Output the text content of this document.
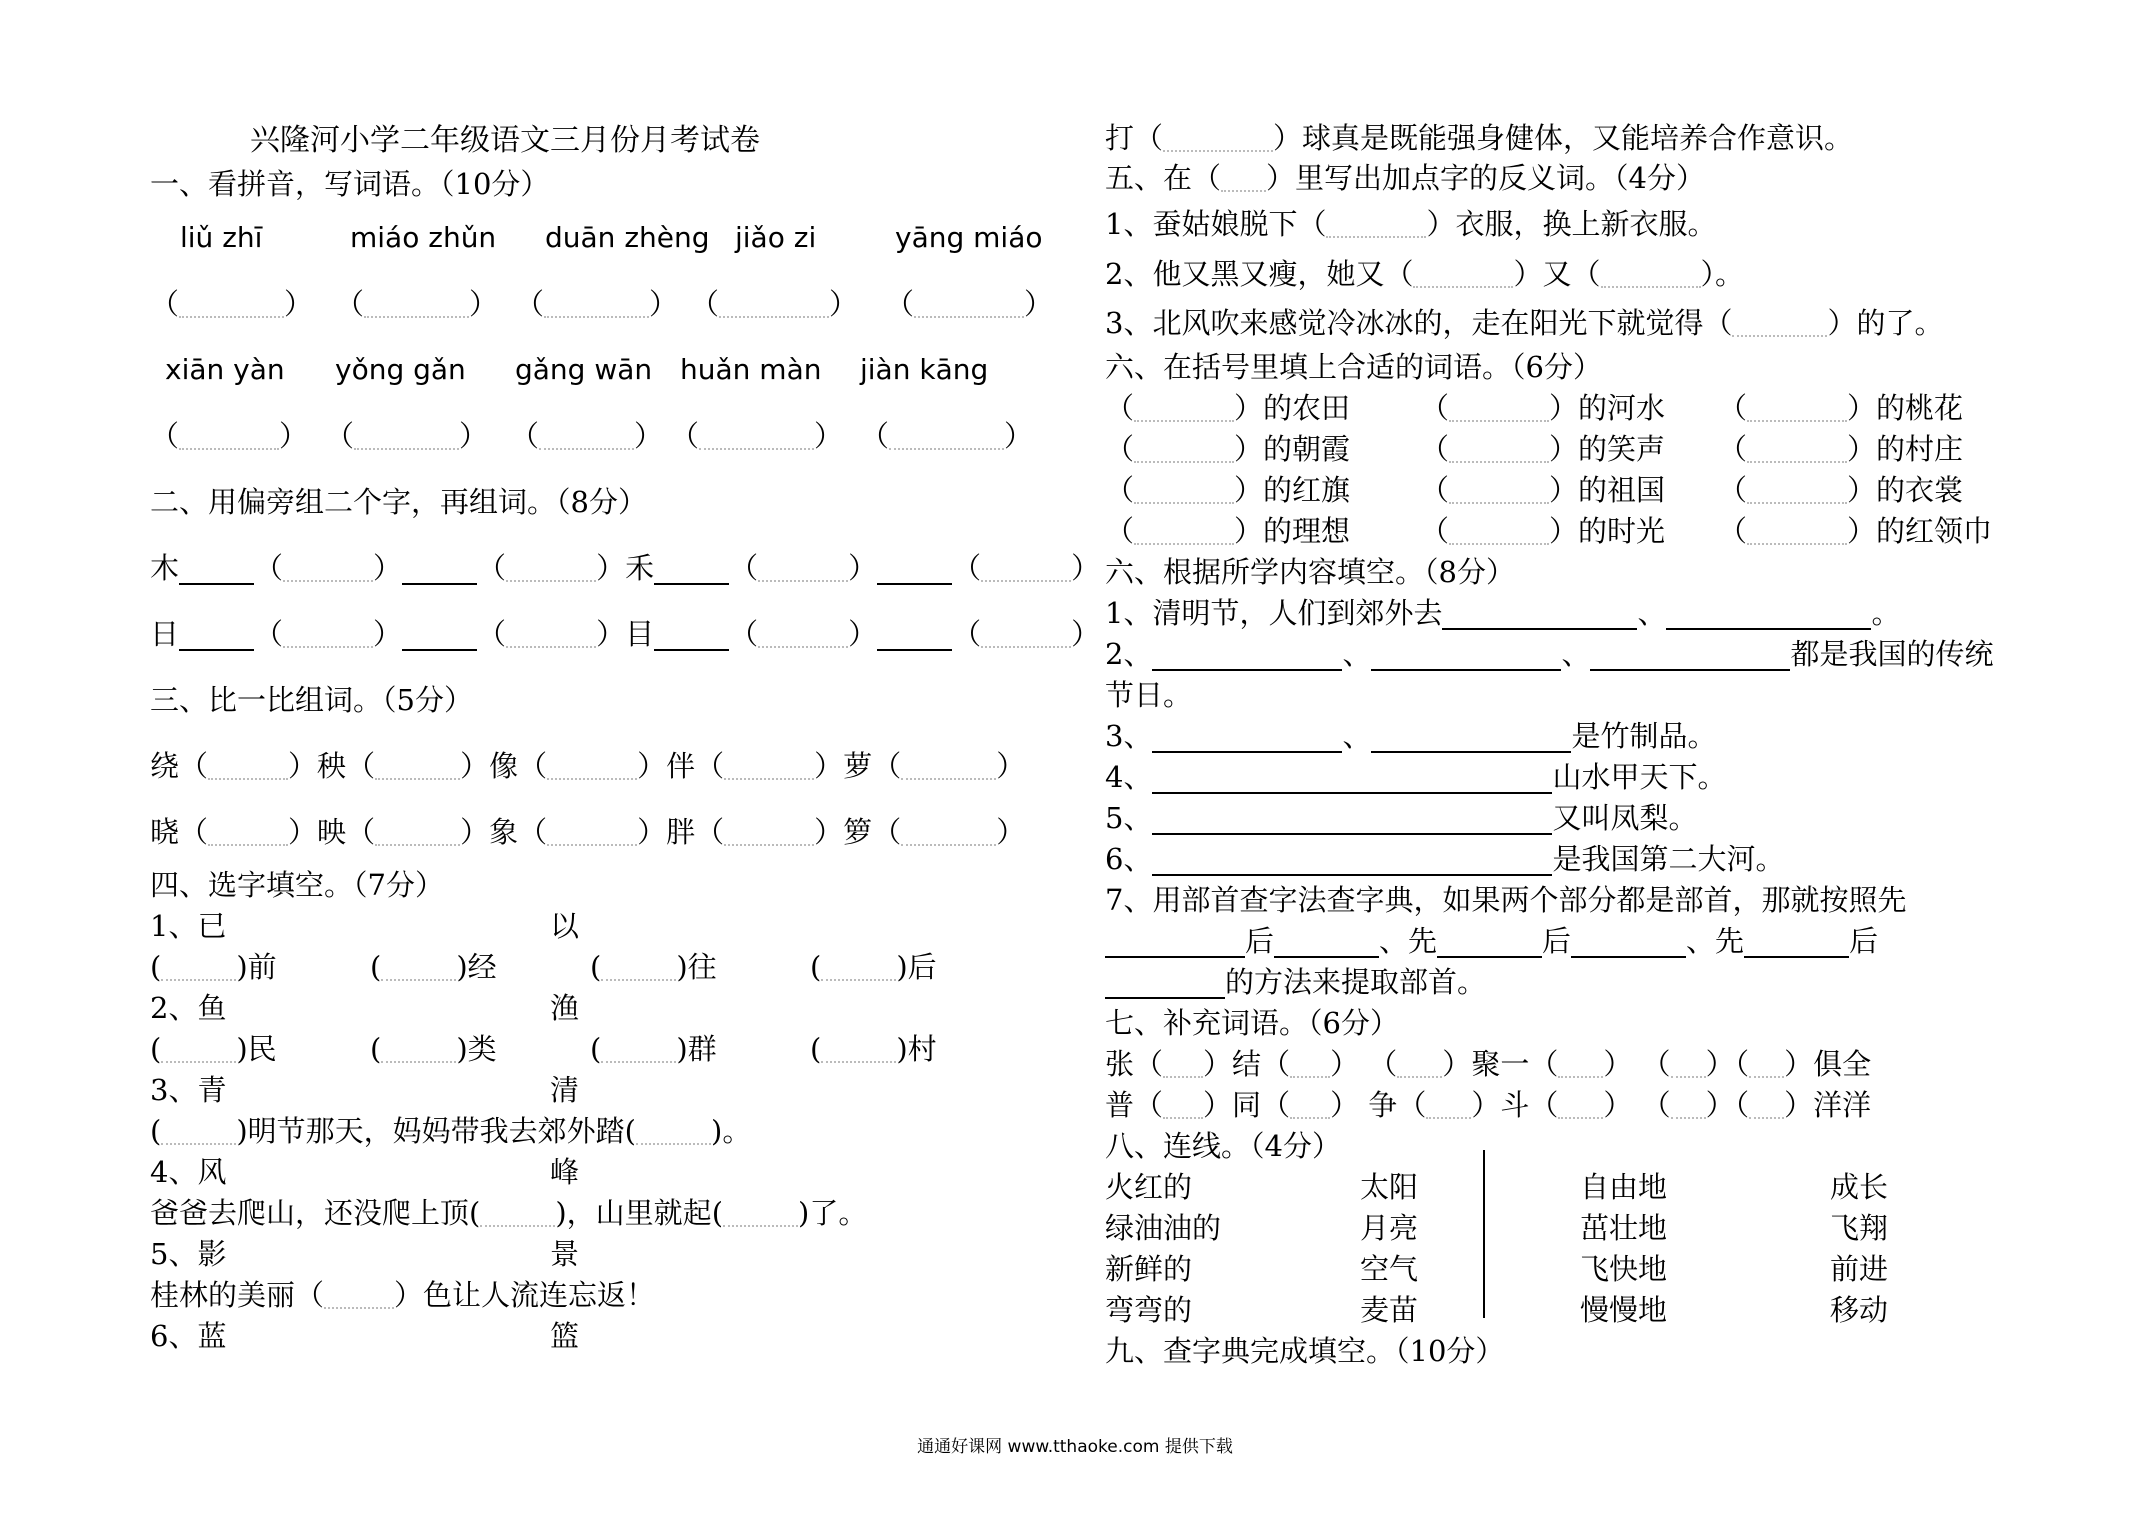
兴隆河小学二年级语文三月份月考试卷
一、看拼音，写词语。（10分）
liǔ zhī	miáo zhǔn duān zhèng jiǎo zi	yāng miáo
（	） （	） （	） （	） （	）
xiān yàn yǒng gǎn gǎng wān huǎn màn jiàn kāng
（	） （	） （	） （	） （	）
二、用偏旁组二个字，再组词。（8分）
木	（	）	（	）禾	（	）	（	）
日	（	）	（	）目	（	）	（	）
三、比一比组词。（5分）
绕（	）秧（	）像（	）伴（	）萝（	）
晓（	）映（	）象（	）胖（	）箩（	）
四、选字填空。（7分）
1、已	以
(	)前	(	)经	(	)往	(	)后
2、鱼	渔
(	)民	(	)类	(	)群	(	)村
3、青	清
(	)明节那天，妈妈带我去郊外踏(	)。
4、风	峰
爸爸去爬山，还没爬上顶(	)，山里就起(	)了。
5、影	景
桂林的美丽（ ）色让人流连忘返！
6、蓝	篮
打（	）球真是既能强身健体，又能培养合作意识。
五、在（ ）里写出加点字的反义词。（4分）
1、蚕姑娘脱下（	）衣服，换上新衣服。
2、他又黑又瘦，她又（	）又（	）。
3、北风吹来感觉冷冰冰的，走在阳光下就觉得（	）的了。
六、在括号里填上合适的词语。（6分）
（	）的农田 （	）的河水 （	）的桃花
（	）的朝霞 （	）的笑声 （	）的村庄
（	）的红旗 （	）的祖国 （	）的衣裳
（	）的理想 （	）的时光 （	）的红领巾
六、根据所学内容填空。（8分）
1、清明节，人们到郊外去	、	。
2、	、	、	都是我国的传统
节日。
3、	、	是竹制品。
4、	山水甲天下。
5、	又叫凤梨。
6、	是我国第二大河。
7、用部首查字法查字典，如果两个部分都是部首，那就按照先
后	、先	后	、先	后
的方法来提取部首。
七、补充词语。（6分）
张（ ）结（ ） （ ）聚一（ ） （ ）（ ）俱全
普（ ）同（ ） 争（ ）斗（ ） （ ）（ ）洋洋
八、连线。（4分）
火红的	太阳	自由地	成长
绿油油的	月亮	茁壮地	飞翔
新鲜的	空气	飞快地	前进
弯弯的	麦苗	慢慢地	移动
九、查字典完成填空。（10分）
通通好课网 www.tthaoke.com 提供下载
